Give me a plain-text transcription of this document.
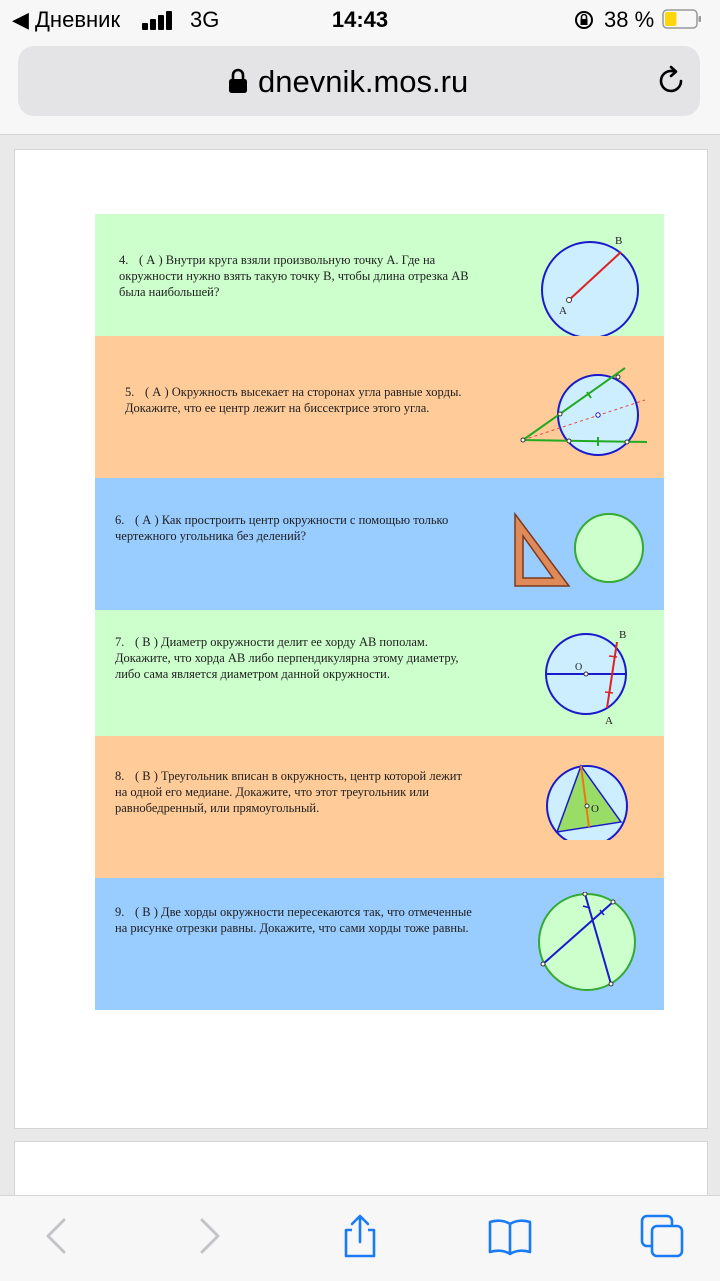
◀ Дневник	3G	14:43	38 %
dnevnik.mos.ru
4. ( А ) Внутри круга взяли произвольную точку А. Где на окружности нужно взять такую точку В, чтобы длина отрезка АВ была наибольшей?
B
A
5. ( А ) Окружность высекает на сторонах угла равные хорды. Докажите, что ее центр лежит на биссектрисе этого угла.
6. ( А ) Как простроить центр окружности с помощью только чертежного угольника без делений?
7. ( В ) Диаметр окружности делит ее хорду АВ пополам. Докажите, что хорда АВ либо перпендикулярна этому диаметру, либо сама является диаметром данной окружности.
B
O
A
8. ( В ) Треугольник вписан в окружность, центр которой лежит на одной его медиане. Докажите, что этот треугольник или равнобедренный, или прямоугольный.	O
9. ( В ) Две хорды окружности пересекаются так, что отмеченные на рисунке отрезки равны. Докажите, что сами хорды тоже равны.
